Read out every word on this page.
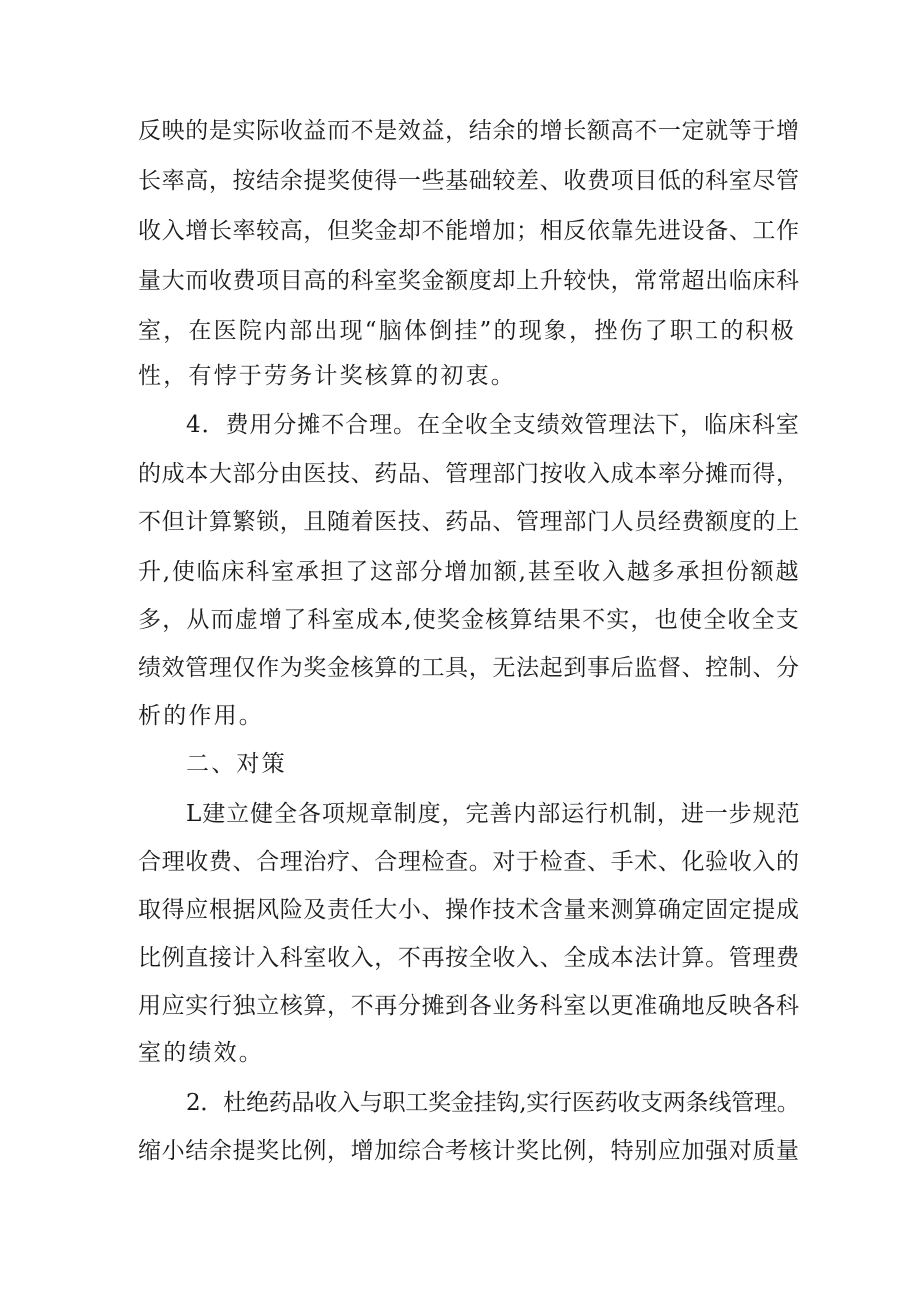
反映的是实际收益而不是效益，结余的增长额高不一定就等于增

长率高，按结余提奖使得一些基础较差、收费项目低的科室尽管

收入增长率较高，但奖金却不能增加；相反依靠先进设备、工作

量大而收费项目高的科室奖金额度却上升较快，常常超出临床科

室，在医院内部出现“脑体倒挂”的现象，挫伤了职工的积极

性，有悖于劳务计奖核算的初衷。

4．费用分摊不合理。在全收全支绩效管理法下，临床科室

的成本大部分由医技、药品、管理部门按收入成本率分摊而得，

不但计算繁锁，且随着医技、药品、管理部门人员经费额度的上

升,使临床科室承担了这部分增加额,甚至收入越多承担份额越

多，从而虚增了科室成本,使奖金核算结果不实，也使全收全支

绩效管理仅作为奖金核算的工具，无法起到事后监督、控制、分

析的作用。

二、对策

L建立健全各项规章制度，完善内部运行机制，进一步规范

合理收费、合理治疗、合理检查。对于检查、手术、化验收入的

取得应根据风险及责任大小、操作技术含量来测算确定固定提成

比例直接计入科室收入，不再按全收入、全成本法计算。管理费

用应实行独立核算，不再分摊到各业务科室以更准确地反映各科

室的绩效。

2．杜绝药品收入与职工奖金挂钩,实行医药收支两条线管理。

缩小结余提奖比例，增加综合考核计奖比例，特别应加强对质量
